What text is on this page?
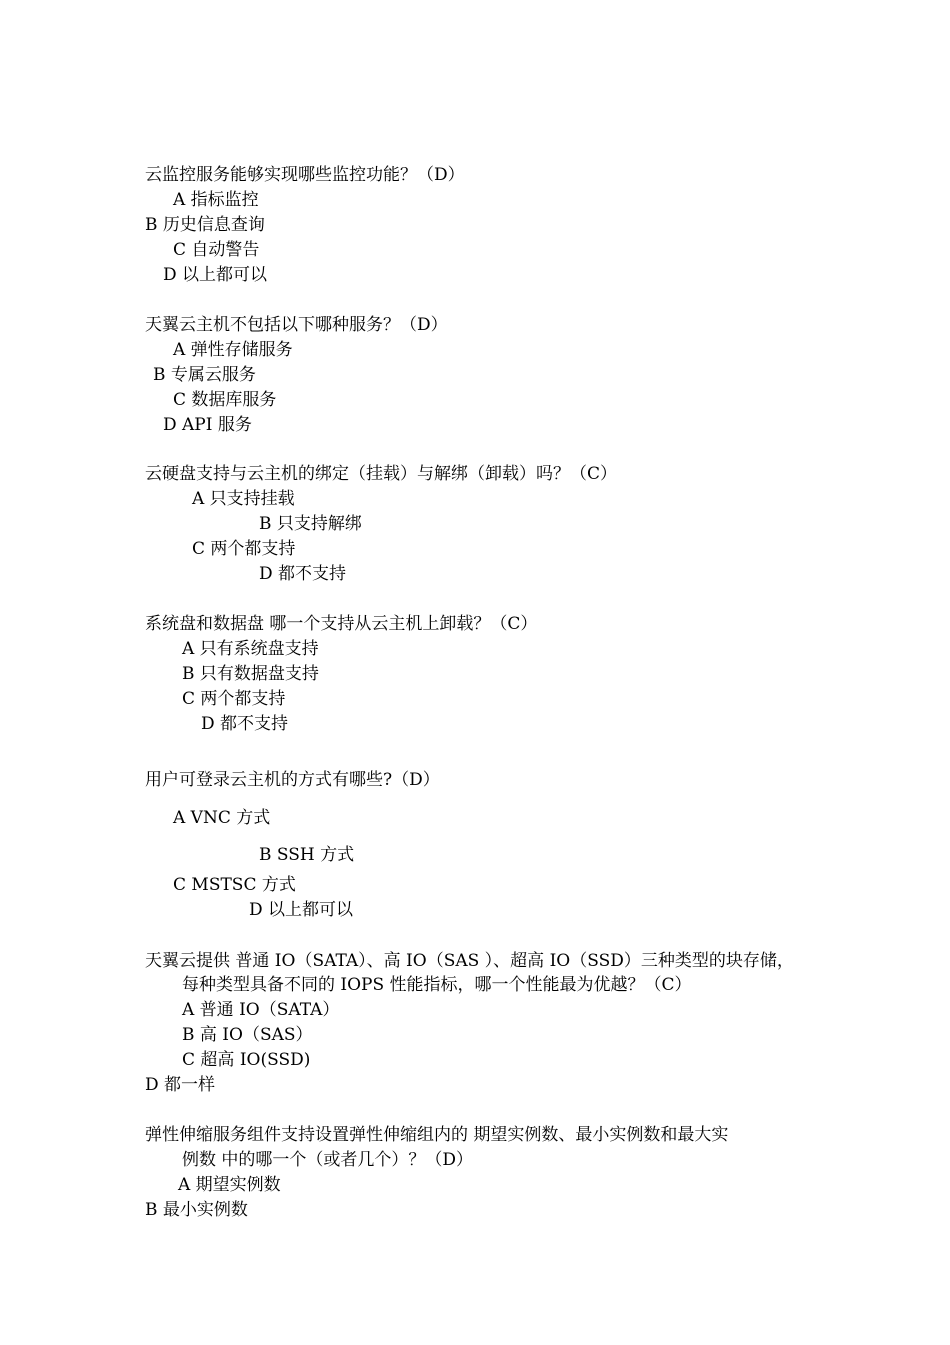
云监控服务能够实现哪些监控功能？（D）
A 指标监控
B 历史信息查询
C 自动警告
D 以上都可以
天翼云主机不包括以下哪种服务？（D）
A 弹性存储服务
B 专属云服务
C 数据库服务
D API 服务
云硬盘支持与云主机的绑定（挂载）与解绑（卸载）吗？（C）
A 只支持挂载
B 只支持解绑
C 两个都支持
D 都不支持
系统盘和数据盘 哪一个支持从云主机上卸载？（C）
A 只有系统盘支持
B 只有数据盘支持
C 两个都支持
D 都不支持
用户可登录云主机的方式有哪些?（D）
A VNC 方式
B SSH 方式
C MSTSC 方式
D 以上都可以
天翼云提供 普通 IO（SATA）、高 IO（SAS ）、超高 IO（SSD）三种类型的块存储，
每种类型具备不同的 IOPS 性能指标，哪一个性能最为优越？（C）
A 普通 IO（SATA）
B 高 IO（SAS）
C 超高 IO(SSD)
D 都一样
弹性伸缩服务组件支持设置弹性伸缩组内的 期望实例数、最小实例数和最大实
例数 中的哪一个（或者几个）？（D）
A 期望实例数
B 最小实例数
